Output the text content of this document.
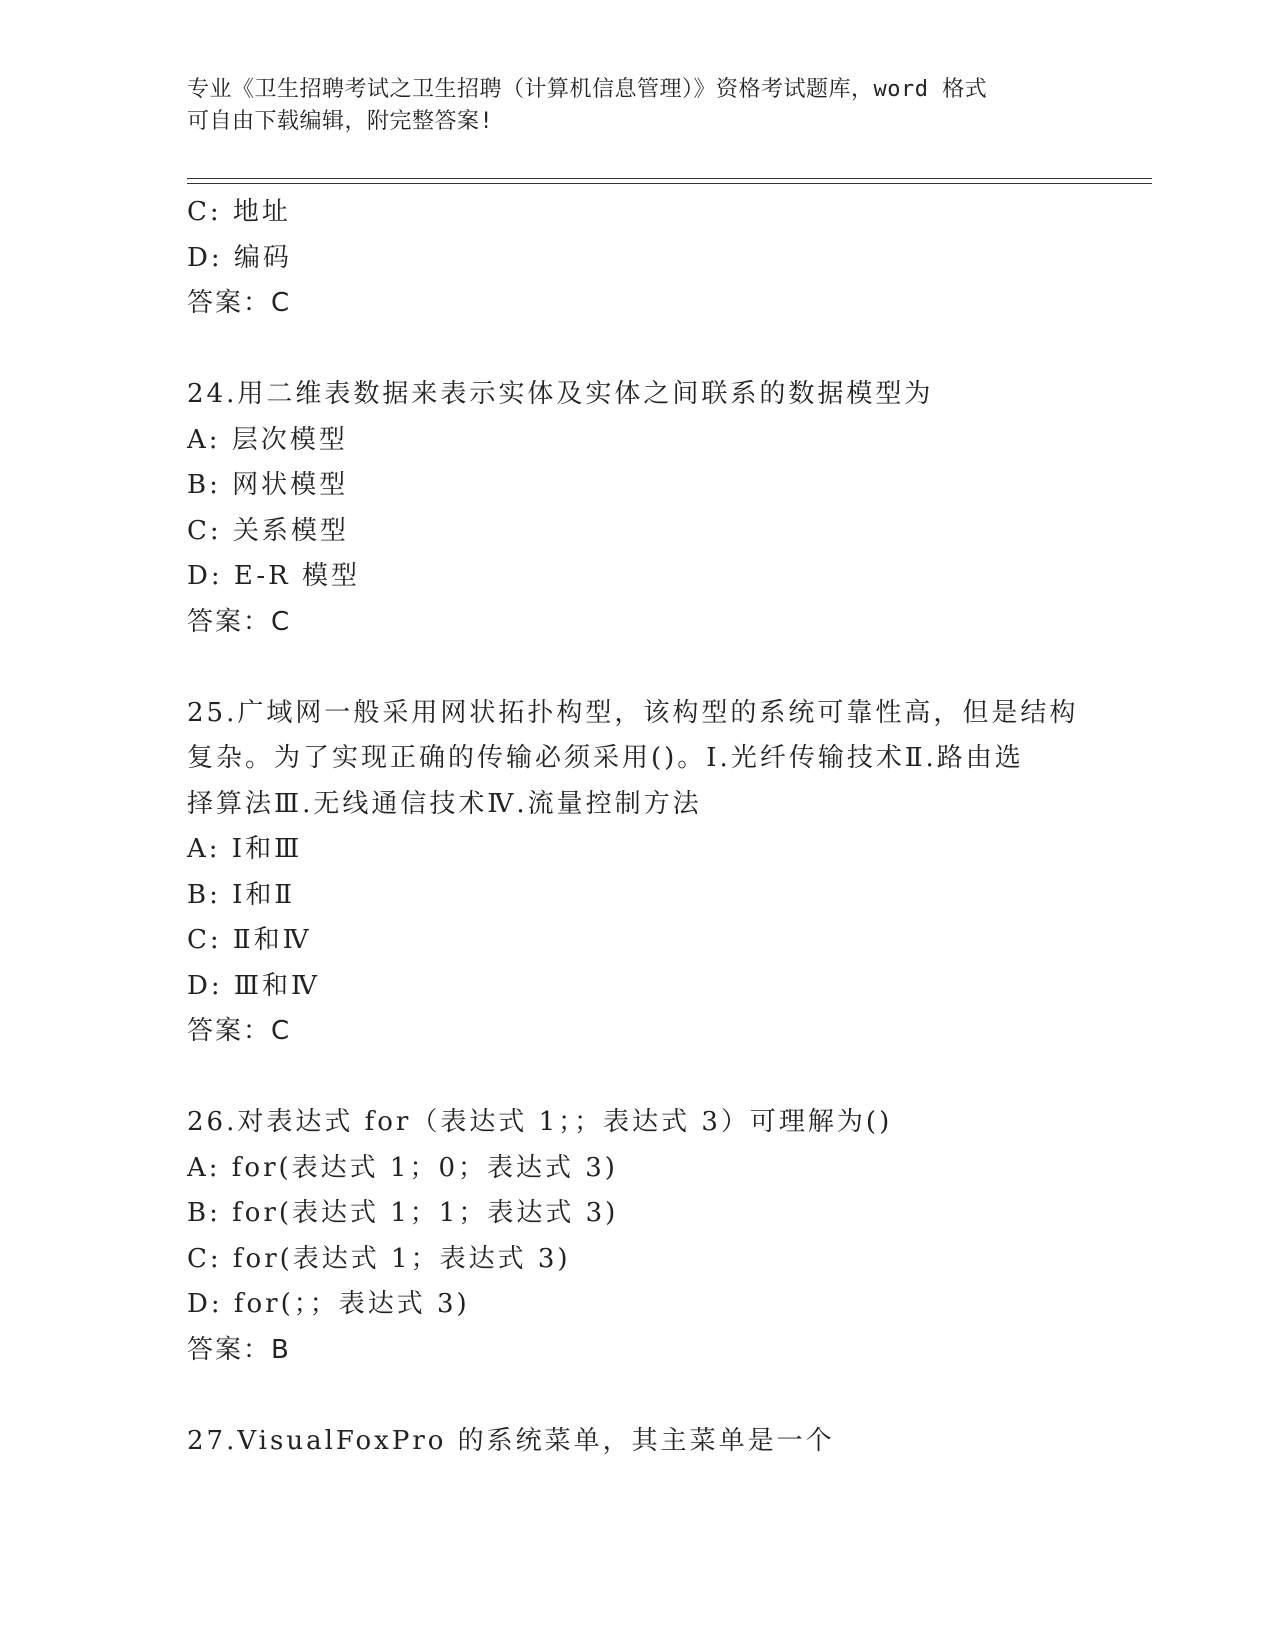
专业《卫生招聘考试之卫生招聘（计算机信息管理）》资格考试题库，word 格式
可自由下载编辑，附完整答案!
C: 地址
D: 编码
答案：C
24.用二维表数据来表示实体及实体之间联系的数据模型为
A: 层次模型
B: 网状模型
C: 关系模型
D: E-R 模型
答案：C
25.广域网一般采用网状拓扑构型，该构型的系统可靠性高，但是结构
复杂。为了实现正确的传输必须采用()。Ⅰ.光纤传输技术Ⅱ.路由选
择算法Ⅲ.无线通信技术Ⅳ.流量控制方法
A: Ⅰ和Ⅲ
B: Ⅰ和Ⅱ
C: Ⅱ和Ⅳ
D: Ⅲ和Ⅳ
答案：C
26.对表达式 for（表达式 1；；表达式 3）可理解为()
A: for(表达式 1；0；表达式 3)
B: for(表达式 1；1；表达式 3)
C: for(表达式 1；表达式 3)
D: for(；；表达式 3)
答案：B
27.VisualFoxPro 的系统菜单，其主菜单是一个
